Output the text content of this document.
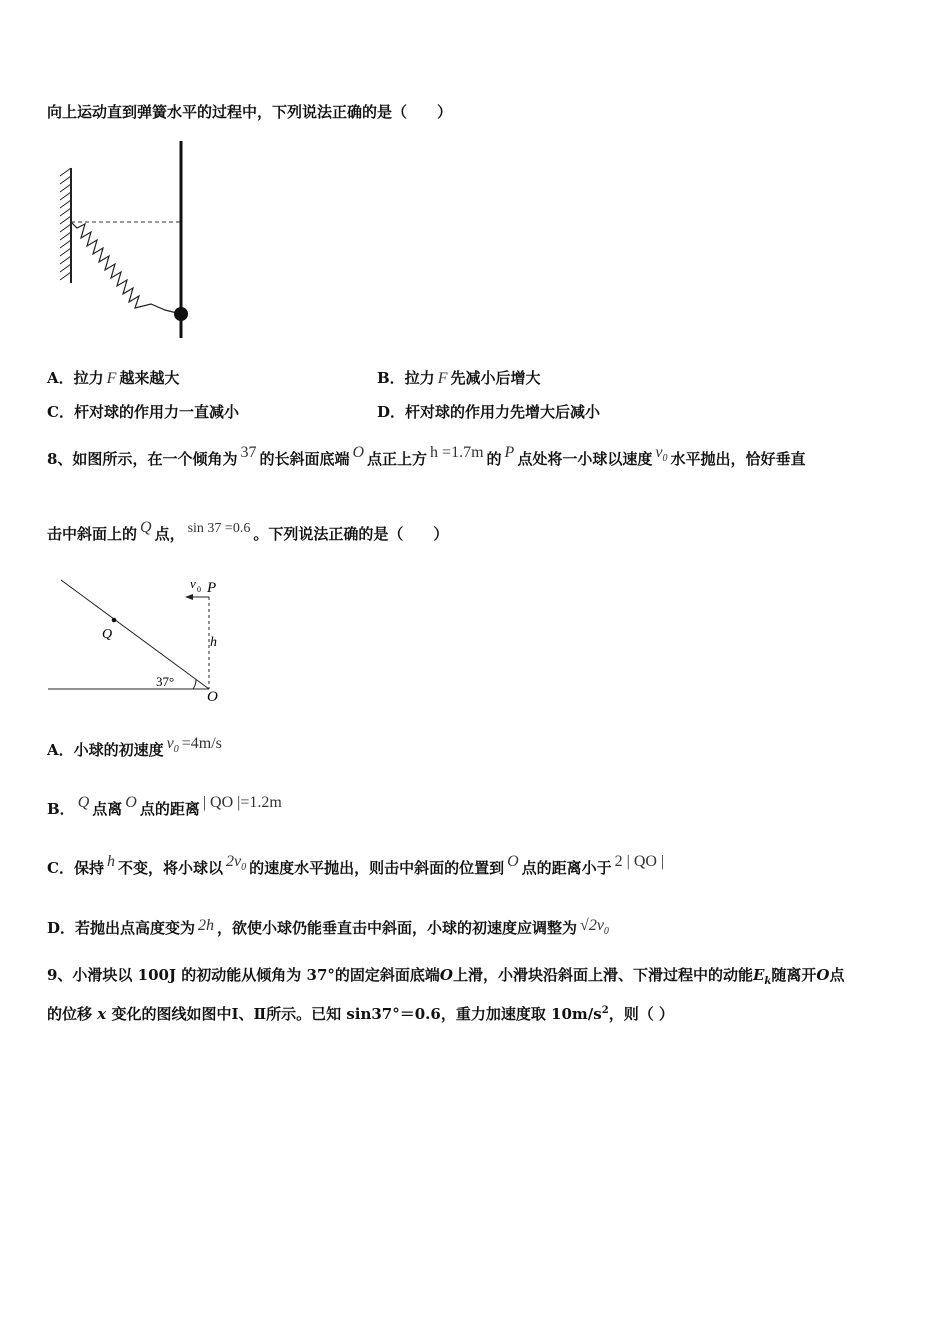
向上运动直到弹簧水平的过程中，下列说法正确的是（　　）
A．拉力 F 越来越大	B．拉力 F 先减小后增大
C．杆对球的作用力一直减小	D．杆对球的作用力先增大后减小
8、如图所示，在一个倾角为 37 的长斜面底端 O 点正上方 h =1.7m 的 P 点处将一小球以速度 $v_0$ 水平抛出，恰好垂直
击中斜面上的 Q 点， sin 37 =0.6 。下列说法正确的是（　　）
v 0 P
Q
h
37°
O
A．小球的初速度 $v_0 =4m/s$
B． Q 点离 O 点的距离 | QO |=1.2m
C．保持 h 不变，将小球以 $2v_0$ 的速度水平抛出，则击中斜面的位置到 O 点的距离小于 2 | QO |
D．若抛出点高度变为 2h ，欲使小球仍能垂直击中斜面，小球的初速度应调整为 $√2v_0$
9、小滑块以 100J 的初动能从倾角为 37°的固定斜面底端O上滑，小滑块沿斜面上滑、下滑过程中的动能$E_k$随离开O点
的位移 x 变化的图线如图中Ⅰ、Ⅱ所示。已知 sin37°＝0.6，重力加速度取 $10m/s^2$，则（ ）
